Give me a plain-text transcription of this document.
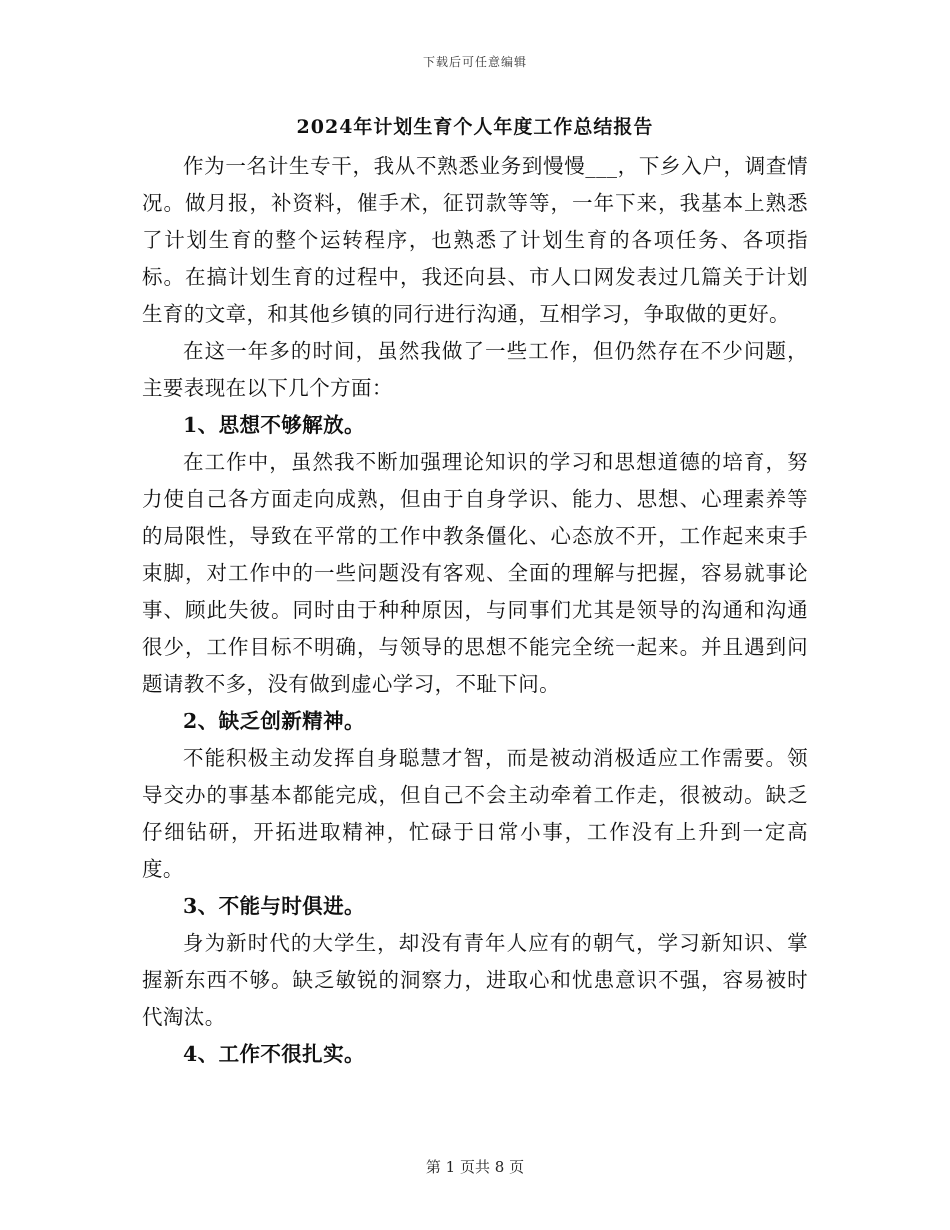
下载后可任意编辑
2024年计划生育个人年度工作总结报告

作为一名计生专干，我从不熟悉业务到慢慢___，下乡入户，调查情况。做月报，补资料，催手术，征罚款等等，一年下来，我基本上熟悉了计划生育的整个运转程序，也熟悉了计划生育的各项任务、各项指标。在搞计划生育的过程中，我还向县、市人口网发表过几篇关于计划生育的文章，和其他乡镇的同行进行沟通，互相学习，争取做的更好。

在这一年多的时间，虽然我做了一些工作，但仍然存在不少问题，主要表现在以下几个方面：

1、思想不够解放。

在工作中，虽然我不断加强理论知识的学习和思想道德的培育，努力使自己各方面走向成熟，但由于自身学识、能力、思想、心理素养等的局限性，导致在平常的工作中教条僵化、心态放不开，工作起来束手束脚，对工作中的一些问题没有客观、全面的理解与把握，容易就事论事、顾此失彼。同时由于种种原因，与同事们尤其是领导的沟通和沟通很少，工作目标不明确，与领导的思想不能完全统一起来。并且遇到问题请教不多，没有做到虚心学习，不耻下问。

2、缺乏创新精神。

不能积极主动发挥自身聪慧才智，而是被动消极适应工作需要。领导交办的事基本都能完成，但自己不会主动牵着工作走，很被动。缺乏仔细钻研，开拓进取精神，忙碌于日常小事，工作没有上升到一定高度。

3、不能与时俱进。

身为新时代的大学生，却没有青年人应有的朝气，学习新知识、掌握新东西不够。缺乏敏锐的洞察力，进取心和忧患意识不强，容易被时代淘汰。

4、工作不很扎实。

第 1 页共 8 页
